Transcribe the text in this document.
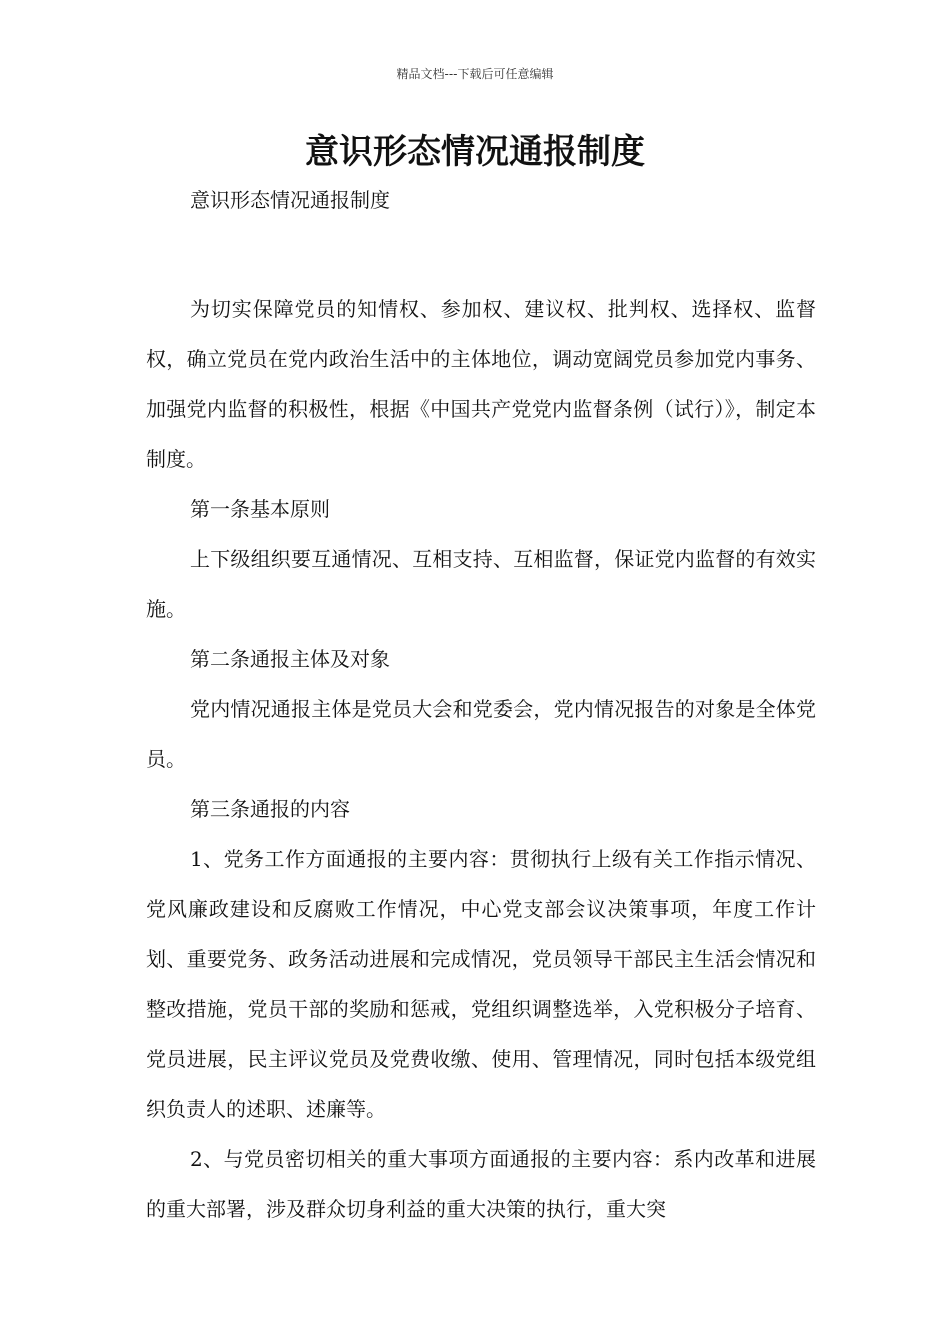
精品文档---下载后可任意编辑
意识形态情况通报制度
意识形态情况通报制度

为切实保障党员的知情权、参加权、建议权、批判权、选择权、监督权，确立党员在党内政治生活中的主体地位，调动宽阔党员参加党内事务、加强党内监督的积极性，根据《中国共产党党内监督条例（试行）》，制定本制度。

第一条基本原则

上下级组织要互通情况、互相支持、互相监督，保证党内监督的有效实施。

第二条通报主体及对象

党内情况通报主体是党员大会和党委会，党内情况报告的对象是全体党员。

第三条通报的内容

1、党务工作方面通报的主要内容：贯彻执行上级有关工作指示情况、党风廉政建设和反腐败工作情况，中心党支部会议决策事项，年度工作计划、重要党务、政务活动进展和完成情况，党员领导干部民主生活会情况和整改措施，党员干部的奖励和惩戒，党组织调整选举，入党积极分子培育、党员进展，民主评议党员及党费收缴、使用、管理情况，同时包括本级党组织负责人的述职、述廉等。

2、与党员密切相关的重大事项方面通报的主要内容：系内改革和进展的重大部署，涉及群众切身利益的重大决策的执行，重大突
